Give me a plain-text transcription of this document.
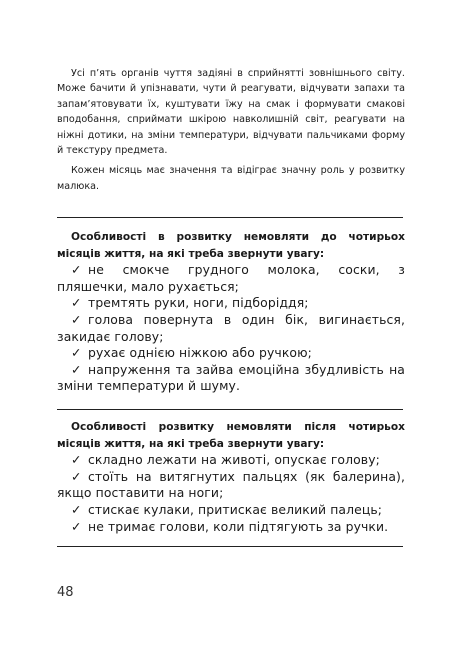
Усі п’ять органів чуття задіяні в сприйнятті зовнішнього світу. Може бачити й упізнавати, чути й реагувати, відчувати запахи та запам’ятовувати їх, куштувати їжу на смак і формувати смакові вподобання, сприймати шкірою навколишній світ, реагувати на ніжні дотики, на зміни температури, відчувати пальчиками форму й текстуру предмета.

Кожен місяць має значення та відіграє значну роль у розвитку малюка.

Особливості в розвитку немовляти до чотирьох місяців життя, на які треба звернути увагу:

✓ не смокче грудного молока, соски, з пляшечки, мало рухається;
✓ тремтять руки, ноги, підборіддя;
✓ голова повернута в один бік, вигинається, закидає голову;
✓ рухає однією ніжкою або ручкою;
✓ напруження та зайва емоційна збудливість на зміни температури й шуму.

Особливості розвитку немовляти після чотирьох місяців життя, на які треба звернути увагу:

✓ складно лежати на животі, опускає голову;
✓ стоїть на витягнутих пальцях (як балерина), якщо поставити на ноги;
✓ стискає кулаки, притискає великий палець;
✓ не тримає голови, коли підтягують за ручки.
48
